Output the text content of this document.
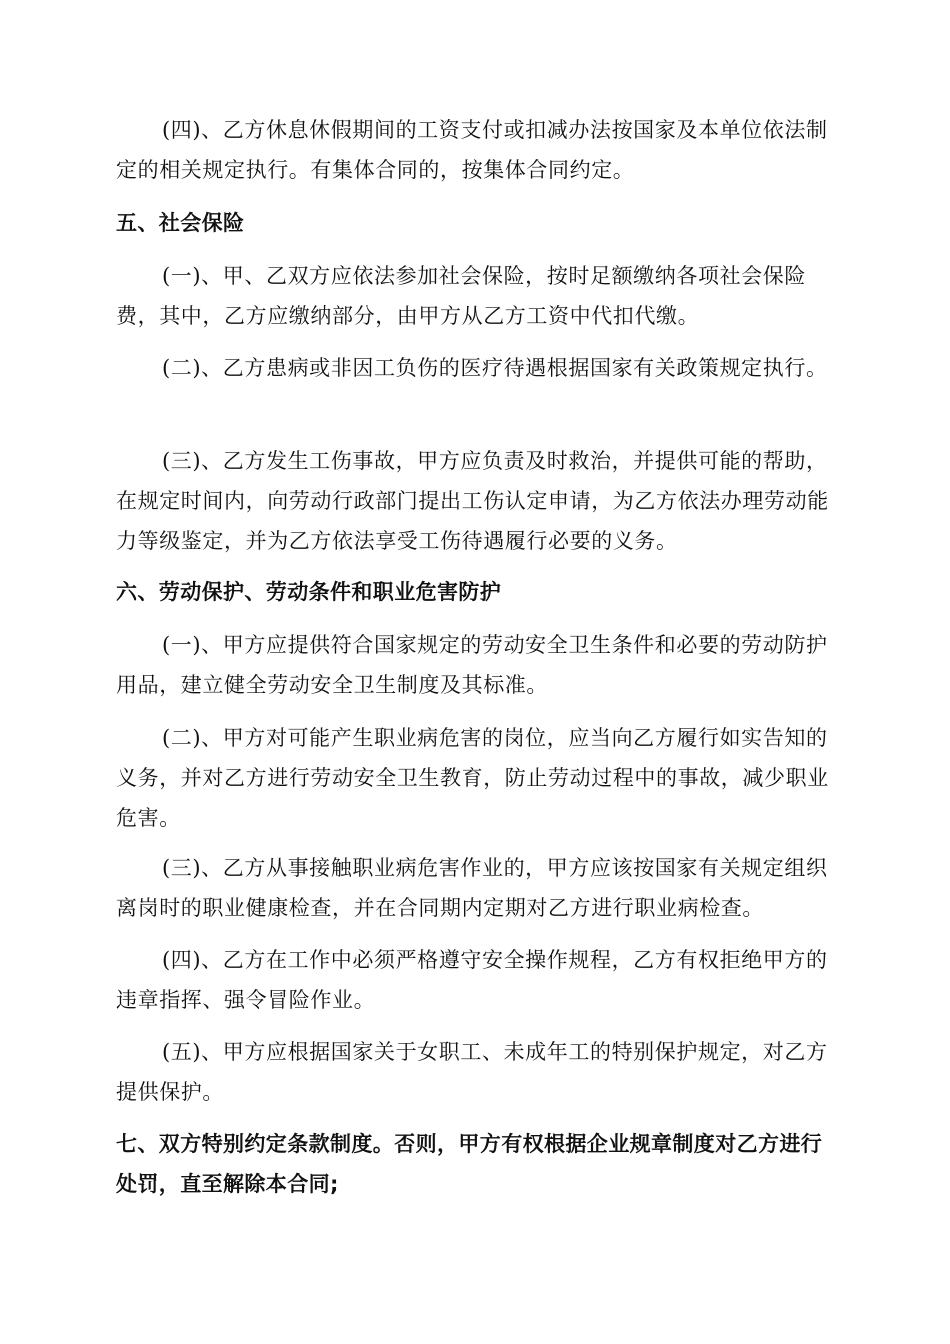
(四)、乙方休息休假期间的工资支付或扣减办法按国家及本单位依法制定的相关规定执行。有集体合同的，按集体合同约定。
五、社会保险
(一)、甲、乙双方应依法参加社会保险，按时足额缴纳各项社会保险费，其中，乙方应缴纳部分，由甲方从乙方工资中代扣代缴。
(二)、乙方患病或非因工负伤的医疗待遇根据国家有关政策规定执行。
(三)、乙方发生工伤事故，甲方应负责及时救治，并提供可能的帮助，在规定时间内，向劳动行政部门提出工伤认定申请，为乙方依法办理劳动能力等级鉴定，并为乙方依法享受工伤待遇履行必要的义务。
六、劳动保护、劳动条件和职业危害防护
(一)、甲方应提供符合国家规定的劳动安全卫生条件和必要的劳动防护用品，建立健全劳动安全卫生制度及其标准。
(二)、甲方对可能产生职业病危害的岗位，应当向乙方履行如实告知的义务，并对乙方进行劳动安全卫生教育，防止劳动过程中的事故，减少职业危害。
(三)、乙方从事接触职业病危害作业的，甲方应该按国家有关规定组织离岗时的职业健康检查，并在合同期内定期对乙方进行职业病检查。
(四)、乙方在工作中必须严格遵守安全操作规程，乙方有权拒绝甲方的违章指挥、强令冒险作业。
(五)、甲方应根据国家关于女职工、未成年工的特别保护规定，对乙方提供保护。
七、双方特别约定条款制度。否则，甲方有权根据企业规章制度对乙方进行处罚，直至解除本合同;
